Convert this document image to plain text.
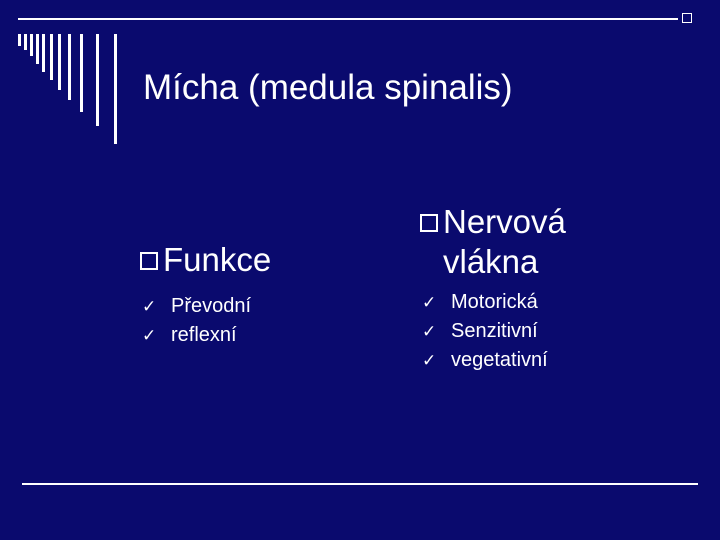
Mícha (medula spinalis)
Funkce
✓ Převodní
✓ reflexní
Nervová vlákna
✓ Motorická
✓ Senzitivní
✓ vegetativní
